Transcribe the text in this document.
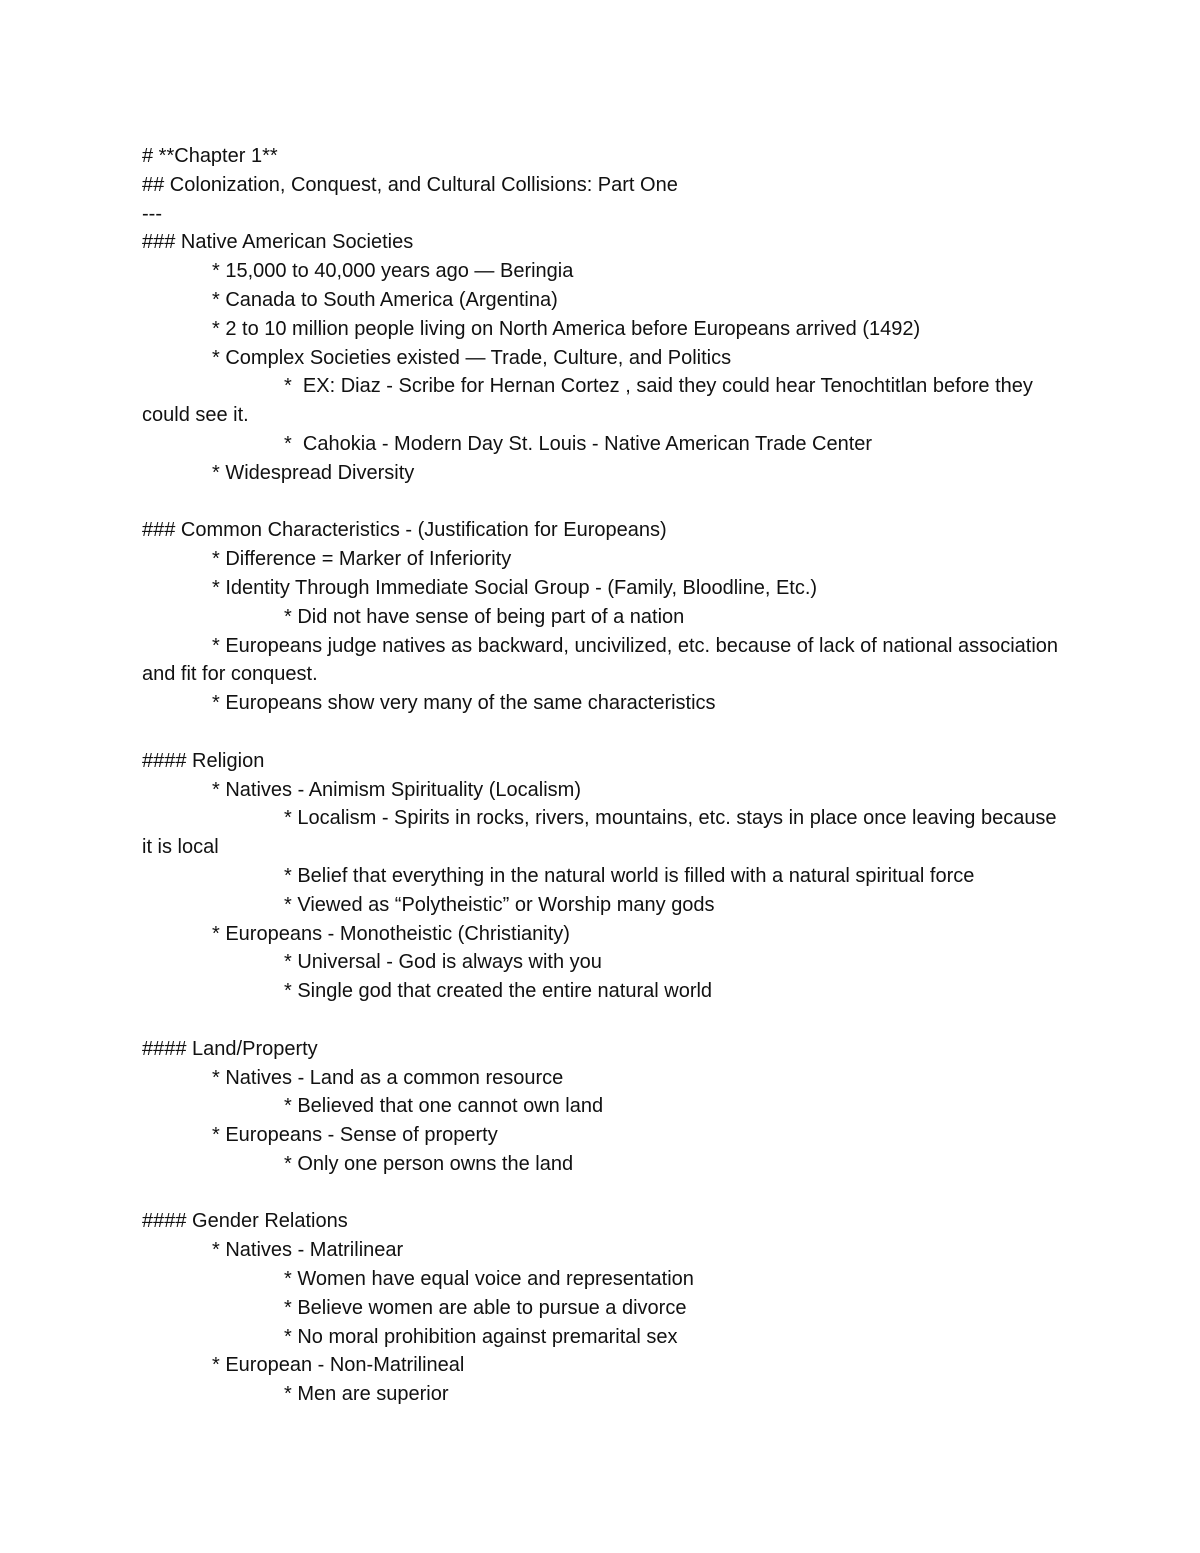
# **Chapter 1**

## Colonization, Conquest, and Cultural Collisions: Part One

---

### Native American Societies

* 15,000 to 40,000 years ago — Beringia

* Canada to South America (Argentina)

* 2 to 10 million people living on North America before Europeans arrived (1492)

* Complex Societies existed — Trade, Culture, and Politics

*  EX: Diaz - Scribe for Hernan Cortez , said they could hear Tenochtitlan before they could see it.

*  Cahokia - Modern Day St. Louis - Native American Trade Center

* Widespread Diversity

### Common Characteristics - (Justification for Europeans)

* Difference = Marker of Inferiority

* Identity Through Immediate Social Group - (Family, Bloodline, Etc.)

* Did not have sense of being part of a nation

* Europeans judge natives as backward, uncivilized, etc. because of lack of national association and fit for conquest.

* Europeans show very many of the same characteristics

#### Religion

* Natives - Animism Spirituality (Localism)

* Localism - Spirits in rocks, rivers, mountains, etc. stays in place once leaving because it is local

* Belief that everything in the natural world is filled with a natural spiritual force

* Viewed as “Polytheistic” or Worship many gods

* Europeans - Monotheistic (Christianity)

* Universal - God is always with you

* Single god that created the entire natural world

#### Land/Property

* Natives - Land as a common resource

* Believed that one cannot own land

* Europeans - Sense of property

* Only one person owns the land

#### Gender Relations

* Natives - Matrilinear

* Women have equal voice and representation

* Believe women are able to pursue a divorce

* No moral prohibition against premarital sex

* European - Non-Matrilineal

* Men are superior
